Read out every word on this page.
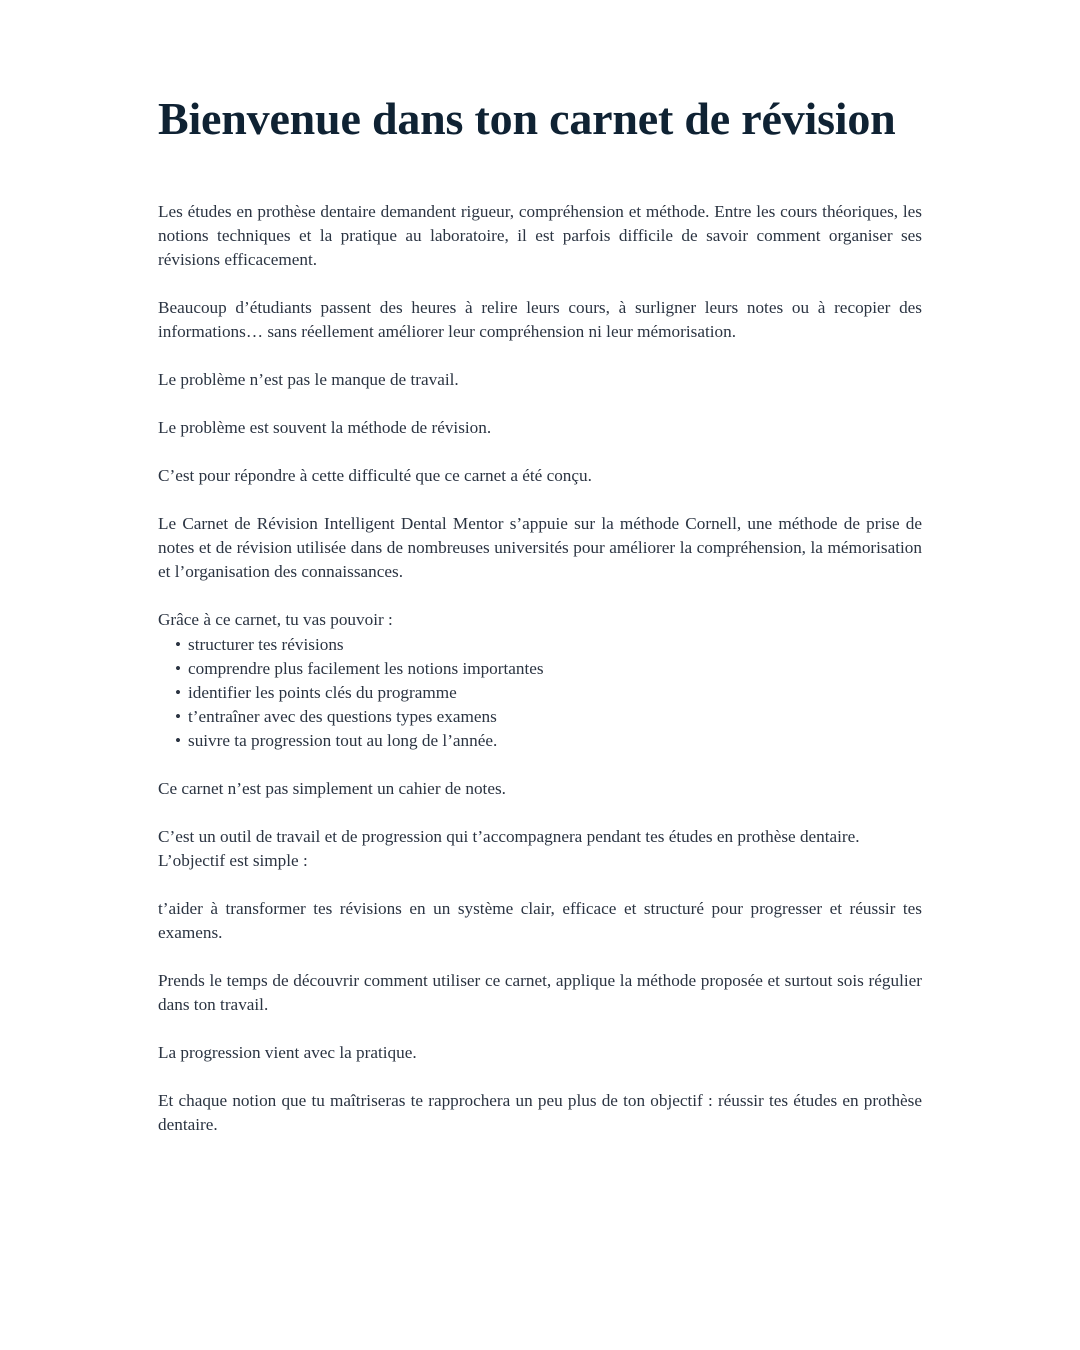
Bienvenue dans ton carnet de révision

Les études en prothèse dentaire demandent rigueur, compréhension et méthode. Entre les cours théoriques, les notions techniques et la pratique au laboratoire, il est parfois difficile de savoir comment organiser ses révisions efficacement.

Beaucoup d’étudiants passent des heures à relire leurs cours, à surligner leurs notes ou à recopier des informations… sans réellement améliorer leur compréhension ni leur mémorisation.

Le problème n’est pas le manque de travail.

Le problème est souvent la méthode de révision.

C’est pour répondre à cette difficulté que ce carnet a été conçu.

Le Carnet de Révision Intelligent Dental Mentor s’appuie sur la méthode Cornell, une méthode de prise de notes et de révision utilisée dans de nombreuses universités pour améliorer la compréhension, la mémorisation et l’organisation des connaissances.

Grâce à ce carnet, tu vas pouvoir :

• structurer tes révisions
• comprendre plus facilement les notions importantes
• identifier les points clés du programme
• t’entraîner avec des questions types examens
• suivre ta progression tout au long de l’année.

Ce carnet n’est pas simplement un cahier de notes.

C’est un outil de travail et de progression qui t’accompagnera pendant tes études en prothèse dentaire.

L’objectif est simple :

t’aider à transformer tes révisions en un système clair, efficace et structuré pour progresser et réussir tes examens.

Prends le temps de découvrir comment utiliser ce carnet, applique la méthode proposée et surtout sois régulier dans ton travail.

La progression vient avec la pratique.

Et chaque notion que tu maîtriseras te rapprochera un peu plus de ton objectif : réussir tes études en prothèse dentaire.
